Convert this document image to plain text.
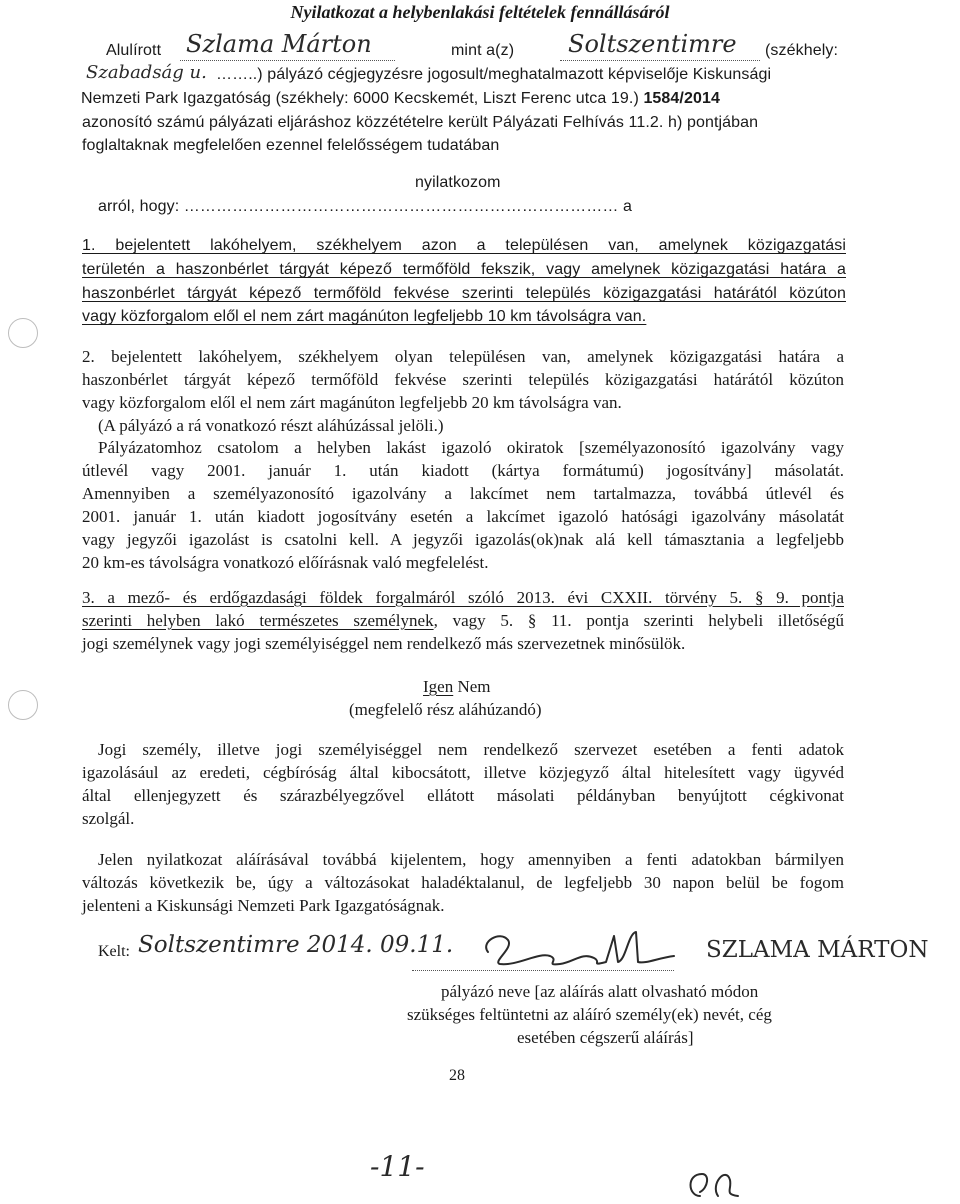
Nyilatkozat a helybenlakási feltételek fennállásáról
Alulírott Szlama Márton	mint a(z) Soltszentimre (székhely:
Szabadság u. ……..) pályázó cégjegyzésre jogosult/meghatalmazott képviselője Kiskunsági
Nemzeti Park Igazgatóság (székhely: 6000 Kecskemét, Liszt Ferenc utca 19.) 1584/2014
azonosító számú pályázati eljáráshoz közzétételre került Pályázati Felhívás 11.2. h) pontjában
foglaltaknak megfelelően ezennel felelősségem tudatában
nyilatkozom
arról, hogy: ……………………………………………………………………… a
1. bejelentett lakóhelyem, székhelyem azon a településen van, amelynek közigazgatási
területén a haszonbérlet tárgyát képező termőföld fekszik, vagy amelynek közigazgatási határa a
haszonbérlet tárgyát képező termőföld fekvése szerinti település közigazgatási határától közúton
vagy közforgalom elől el nem zárt magánúton legfeljebb 10 km távolságra van.
2. bejelentett lakóhelyem, székhelyem olyan településen van, amelynek közigazgatási határa a
haszonbérlet tárgyát képező termőföld fekvése szerinti település közigazgatási határától közúton
vagy közforgalom elől el nem zárt magánúton legfeljebb 20 km távolságra van.
(A pályázó a rá vonatkozó részt aláhúzással jelöli.)
Pályázatomhoz csatolom a helyben lakást igazoló okiratok [személyazonosító igazolvány vagy
útlevél vagy 2001. január 1. után kiadott (kártya formátumú) jogosítvány] másolatát.
Amennyiben a személyazonosító igazolvány a lakcímet nem tartalmazza, továbbá útlevél és
2001. január 1. után kiadott jogosítvány esetén a lakcímet igazoló hatósági igazolvány másolatát
vagy jegyzői igazolást is csatolni kell. A jegyzői igazolás(ok)nak alá kell támasztania a legfeljebb
20 km-es távolságra vonatkozó előírásnak való megfelelést.
3. a mező- és erdőgazdasági földek forgalmáról szóló 2013. évi CXXII. törvény 5. § 9. pontja
szerinti helyben lakó természetes személynek, vagy 5. § 11. pontja szerinti helybeli illetőségű
jogi személynek vagy jogi személyiséggel nem rendelkező más szervezetnek minősülök.
Igen Nem
(megfelelő rész aláhúzandó)
Jogi személy, illetve jogi személyiséggel nem rendelkező szervezet esetében a fenti adatok
igazolásául az eredeti, cégbíróság által kibocsátott, illetve közjegyző által hitelesített vagy ügyvéd
által ellenjegyzett és szárazbélyegzővel ellátott másolati példányban benyújtott cégkivonat
szolgál.
Jelen nyilatkozat aláírásával továbbá kijelentem, hogy amennyiben a fenti adatokban bármilyen
változás következik be, úgy a változásokat haladéktalanul, de legfeljebb 30 napon belül be fogom
jelenteni a Kiskunsági Nemzeti Park Igazgatóságnak.
Kelt: Soltszentimre 2014. 09.11.	SZLAMA MÁRTON
pályázó neve [az aláírás alatt olvasható módon
szükséges feltüntetni az aláíró személy(ek) nevét, cég
esetében cégszerű aláírás]
28
-11-
